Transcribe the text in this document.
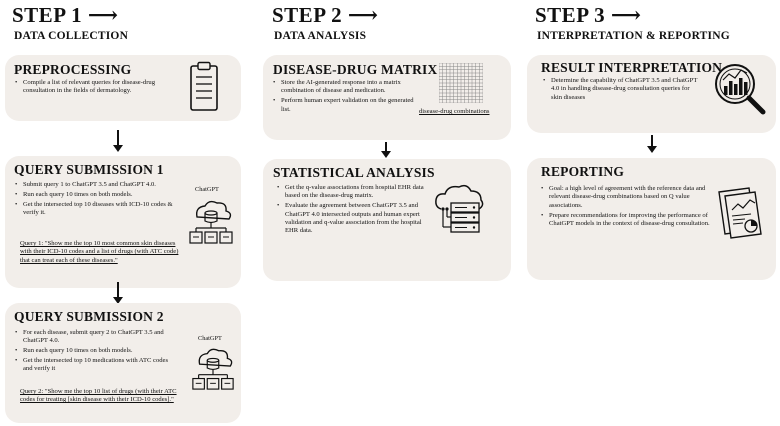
STEP 1 ⟶
DATA COLLECTION
STEP 2 ⟶
DATA ANALYSIS
STEP 3 ⟶
INTERPRETATION & REPORTING
PREPROCESSING
• Compile a list of relevant queries for disease-drug consultation in the fields of dermatology.
QUERY SUBMISSION 1
• Submit query 1 to ChatGPT 3.5 and ChatGPT 4.0.
• Run each query 10 times on both models.
• Get the intersected top 10 diseases with ICD-10 codes & verify it.
Query 1: "Show me the top 10 most common skin diseases with their ICD-10 codes and a list of drugs (with ATC code) that can treat each of these diseases."
ChatGPT
QUERY SUBMISSION 2
• For each disease, submit query 2 to ChatGPT 3.5 and ChatGPT 4.0.
• Run each query 10 times on both models.
• Get the intersected top 10 medications with ATC codes and verify it
Query 2: "Show me the top 10 list of drugs (with their ATC codes for treating [skin disease with their ICD-10 codes]."
ChatGPT
DISEASE-DRUG MATRIX
• Store the AI-generated response into a matrix combination of disease and medication.
• Perform human expert validation on the generated list.	disease-drug combinations
STATISTICAL ANALYSIS
• Get the q-value associations from hospital EHR data based on the disease-drug matrix.
• Evaluate the agreement between ChatGPT 3.5 and ChatGPT 4.0 intersected outputs and human expert validation and q-value association from the hospital EHR data.
RESULT INTERPRETATION
• Determine the capability of ChatGPT 3.5 and ChatGPT 4.0 in handling disease-drug consultation queries for skin diseases
REPORTING
• Goal: a high level of agreement with the reference data and relevant disease-drug combinations based on Q value associations.
• Prepare recommendations for improving the performance of ChatGPT models in the context of disease-drug consultation.
